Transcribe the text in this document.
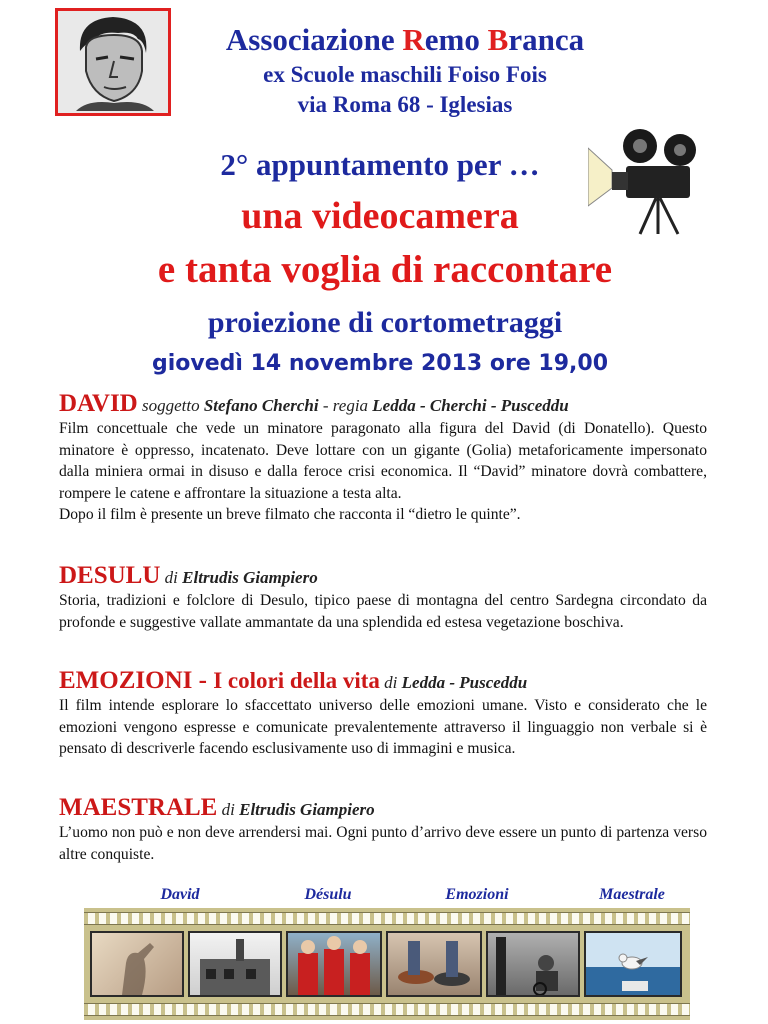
Associazione Remo Branca
ex Scuole maschili Foiso Fois
via Roma 68 - Iglesias
2° appuntamento per …
una videocamera
e tanta voglia di raccontare
proiezione di cortometraggi
giovedì 14 novembre 2013 ore 19,00
DAVID soggetto Stefano Cherchi - regia Ledda - Cherchi - Pusceddu
Film concettuale che vede un minatore paragonato alla figura del David (di Donatello). Questo minatore è oppresso, incatenato. Deve lottare con un gigante (Golia) metaforicamente impersonato dalla miniera ormai in disuso e dalla feroce crisi economica. Il “David” minatore dovrà combattere, rompere le catene e affrontare la situazione a testa alta.
Dopo il film è presente un breve filmato che racconta il “dietro le quinte”.
DESULU di Eltrudis Giampiero
Storia, tradizioni e folclore di Desulo, tipico paese di montagna del centro Sardegna circondato da profonde e suggestive vallate ammantate da una splendida ed estesa vegetazione boschiva.
EMOZIONI - I colori della vita di Ledda - Pusceddu
Il film intende esplorare lo sfaccettato universo delle emozioni umane. Visto e considerato che le emozioni vengono espresse e comunicate prevalentemente attraverso il linguaggio non verbale si è pensato di descriverle facendo esclusivamente uso di immagini e musica.
MAESTRALE di Eltrudis Giampiero
L’uomo non può e non deve arrendersi mai. Ogni punto d’arrivo deve essere un punto di partenza verso altre conquiste.
David	Désulu	Emozioni	Maestrale
